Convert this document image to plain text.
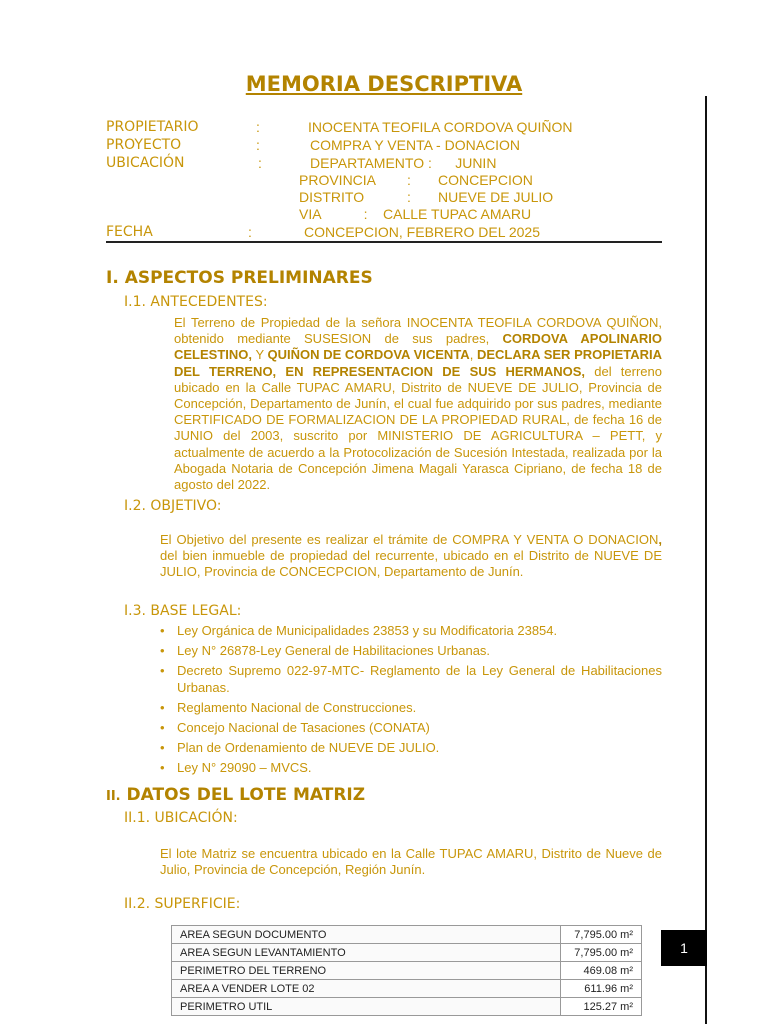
MEMORIA DESCRIPTIVA
PROPIETARIO	:	INOCENTA TEOFILA CORDOVA QUIÑON
PROYECTO	:	COMPRA Y VENTA - DONACION
UBICACIÓN	:	DEPARTAMENTO :      JUNIN
PROVINCIA : CONCEPCION
DISTRITO	: NUEVE DE JULIO
VIA           :    CALLE TUPAC AMARU
FECHA	:	CONCEPCION, FEBRERO DEL 2025
I. ASPECTOS PRELIMINARES
I.1. ANTECEDENTES:
El Terreno de Propiedad de la señora INOCENTA TEOFILA CORDOVA QUIÑON, obtenido mediante SUSESION de sus padres, CORDOVA APOLINARIO CELESTINO, Y QUIÑON DE CORDOVA VICENTA, DECLARA SER PROPIETARIA DEL TERRENO, EN REPRESENTACION DE SUS HERMANOS, del terreno ubicado en la Calle TUPAC AMARU, Distrito de NUEVE DE JULIO, Provincia de Concepción, Departamento de Junín, el cual fue adquirido por sus padres, mediante CERTIFICADO DE FORMALIZACION DE LA PROPIEDAD RURAL, de fecha 16 de JUNIO del 2003, suscrito por MINISTERIO DE AGRICULTURA – PETT, y actualmente de acuerdo a la Protocolización de Sucesión Intestada, realizada por la Abogada Notaria de Concepción Jimena Magali Yarasca Cipriano, de fecha 18 de agosto del 2022.
I.2. OBJETIVO:
El Objetivo del presente es realizar el trámite de COMPRA Y VENTA O DONACION, del bien inmueble de propiedad del recurrente, ubicado en el Distrito de NUEVE DE JULIO, Provincia de CONCECPCION, Departamento de Junín.
I.3. BASE LEGAL:
• Ley Orgánica de Municipalidades 23853 y su Modificatoria 23854.
• Ley N° 26878-Ley General de Habilitaciones Urbanas.
• Decreto Supremo 022-97-MTC- Reglamento de la Ley General de Habilitaciones Urbanas.
• Reglamento Nacional de Construcciones.
• Concejo Nacional de Tasaciones (CONATA)
• Plan de Ordenamiento de NUEVE DE JULIO.
• Ley N° 29090 – MVCS.
II. DATOS DEL LOTE MATRIZ
II.1. UBICACIÓN:
El lote Matriz se encuentra ubicado en la Calle TUPAC AMARU, Distrito de Nueve de Julio, Provincia de Concepción, Región Junín.
II.2. SUPERFICIE:
AREA SEGUN DOCUMENTO	7,795.00 m²
AREA SEGUN LEVANTAMIENTO	7,795.00 m²
PERIMETRO DEL TERRENO	469.08 m²
AREA A VENDER LOTE 02	611.96 m²
PERIMETRO UTIL	125.27 m²
1
